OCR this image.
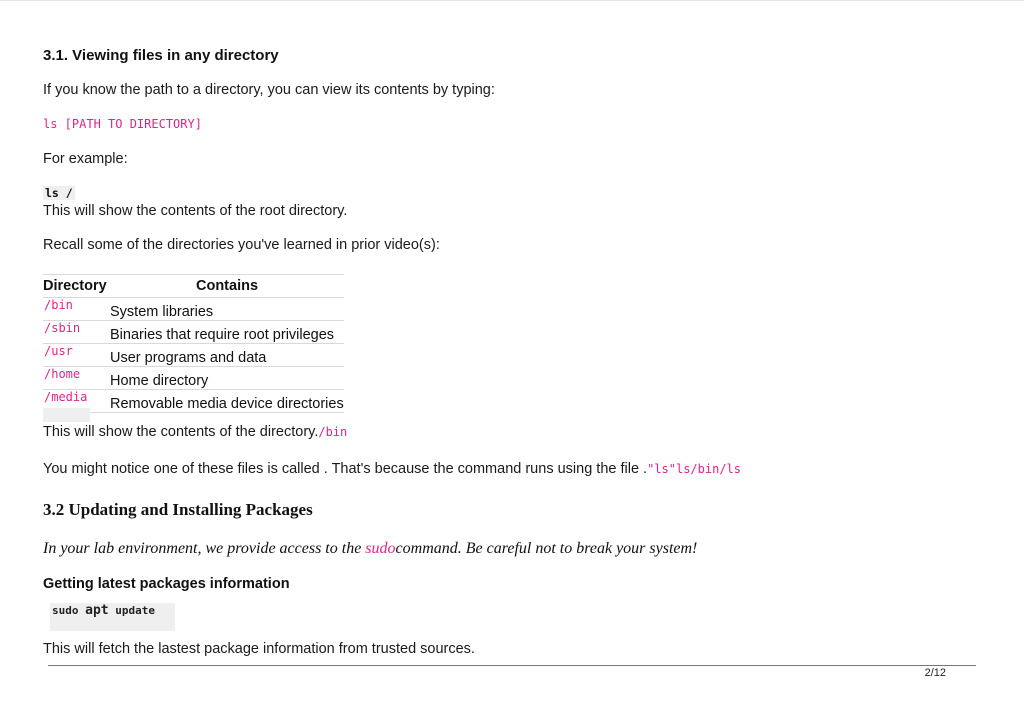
3.1. Viewing files in any directory
If you know the path to a directory, you can view its contents by typing:
ls [PATH TO DIRECTORY]
For example:
ls /
This will show the contents of the root directory.
Recall some of the directories you've learned in prior video(s):
Directory	Contains
/bin	System libraries
/sbin	Binaries that require root privileges
/usr	User programs and data
/home	Home directory
/media	Removable media device directories
This will show the contents of the directory./bin
You might notice one of these files is called . That's because the command runs using the file ."ls"ls/bin/ls
3.2 Updating and Installing Packages
In your lab environment, we provide access to the sudocommand. Be careful not to break your system!
Getting latest packages information
sudo apt update
This will fetch the lastest package information from trusted sources.
2/12
